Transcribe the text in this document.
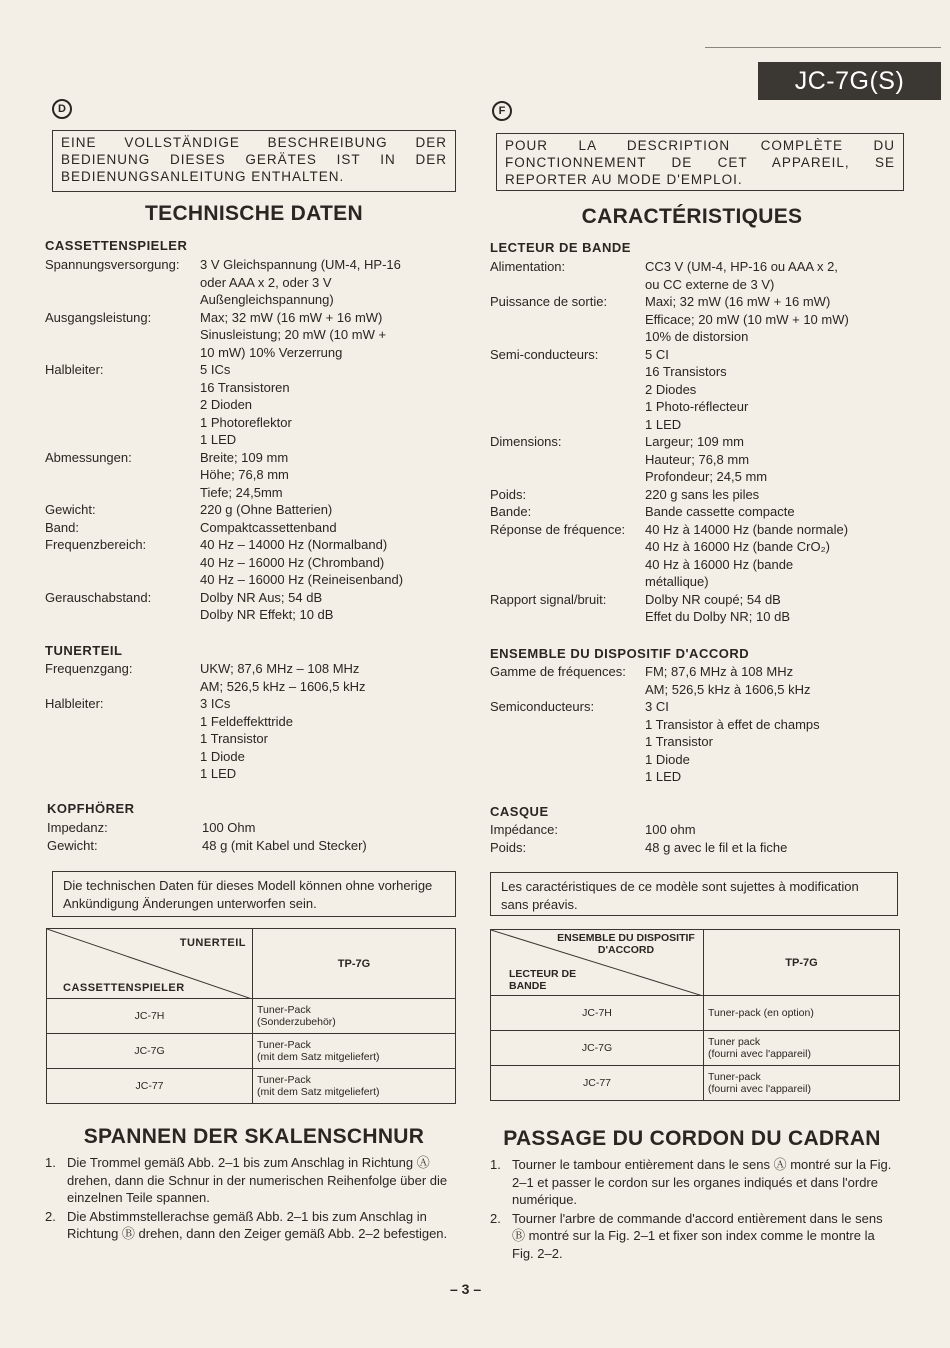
JC-7G(S)
D
EINE VOLLSTÄNDIGE BESCHREIBUNG DER BEDIENUNG DIESES GERÄTES IST IN DER BEDIENUNGSANLEITUNG ENTHALTEN.
TECHNISCHE DATEN
CASSETTENSPIELER
Spannungsversorgung:	3 V Gleichspannung (UM-4, HP-16
oder AAA x 2, oder 3 V
Außengleichspannung)
Ausgangsleistung:	Max; 32 mW (16 mW + 16 mW)
Sinusleistung; 20 mW (10 mW +
10 mW) 10% Verzerrung
Halbleiter:	5 ICs
16 Transistoren
2 Dioden
1 Photoreflektor
1 LED
Abmessungen:	Breite; 109 mm
Höhe; 76,8 mm
Tiefe; 24,5mm
Gewicht:	220 g (Ohne Batterien)
Band:	Compaktcassettenband
Frequenzbereich:	40 Hz – 14000 Hz (Normalband)
40 Hz – 16000 Hz (Chromband)
40 Hz – 16000 Hz (Reineisenband)
Gerauschabstand:	Dolby NR Aus; 54 dB
Dolby NR Effekt; 10 dB
TUNERTEIL
Frequenzgang:	UKW; 87,6 MHz – 108 MHz
AM; 526,5 kHz – 1606,5 kHz
Halbleiter:	3 ICs
1 Feldeffekttride
1 Transistor
1 Diode
1 LED
KOPFHÖRER
Impedanz:	100 Ohm
Gewicht:	48 g (mit Kabel und Stecker)
Die technischen Daten für dieses Modell können ohne vorherige Ankündigung Änderungen unterworfen sein.
TUNERTEIL
CASSETTENSPIELER	TP-7G
JC-7H	Tuner-Pack
(Sonderzubehör)

JC-7G	Tuner-Pack
(mit dem Satz mitgeliefert)

JC-77	Tuner-Pack
(mit dem Satz mitgeliefert)
SPANNEN DER SKALENSCHNUR
1. Die Trommel gemäß Abb. 2–1 bis zum Anschlag in Richtung Ⓐ drehen, dann die Schnur in der numerischen Reihenfolge über die einzelnen Teile spannen.
2. Die Abstimmstellerachse gemäß Abb. 2–1 bis zum Anschlag in Richtung Ⓑ drehen, dann den Zeiger gemäß Abb. 2–2 befestigen.
F
POUR LA DESCRIPTION COMPLÈTE DU FONCTIONNEMENT DE CET APPAREIL, SE REPORTER AU MODE D'EMPLOI.
CARACTÉRISTIQUES
LECTEUR DE BANDE
Alimentation:	CC3 V (UM-4, HP-16 ou AAA x 2,
ou CC externe de 3 V)
Puissance de sortie:	Maxi; 32 mW (16 mW + 16 mW)
Efficace; 20 mW (10 mW + 10 mW)
10% de distorsion
Semi-conducteurs:	5 CI
16 Transistors
2 Diodes
1 Photo-réflecteur
1 LED
Dimensions:	Largeur; 109 mm
Hauteur; 76,8 mm
Profondeur; 24,5 mm
Poids:	220 g sans les piles
Bande:	Bande cassette compacte
Réponse de fréquence:	40 Hz à 14000 Hz (bande normale)
40 Hz à 16000 Hz (bande CrO₂)
40 Hz à 16000 Hz (bande
métallique)
Rapport signal/bruit:	Dolby NR coupé; 54 dB
Effet du Dolby NR; 10 dB
ENSEMBLE DU DISPOSITIF D'ACCORD
Gamme de fréquences:	FM; 87,6 MHz à 108 MHz
AM; 526,5 kHz à 1606,5 kHz
Semiconducteurs:	3 CI
1 Transistor à effet de champs
1 Transistor
1 Diode
1 LED
CASQUE
Impédance:	100 ohm
Poids:	48 g avec le fil et la fiche
Les caractéristiques de ce modèle sont sujettes à modification sans préavis.
ENSEMBLE DU DISPOSITIF D'ACCORD
LECTEUR DE BANDE	TP-7G
JC-7H	Tuner-pack (en option)

JC-7G	Tuner pack
(fourni avec l'appareil)

JC-77	Tuner-pack
(fourni avec l'appareil)
PASSAGE DU CORDON DU CADRAN
1. Tourner le tambour entièrement dans le sens Ⓐ montré sur la Fig. 2–1 et passer le cordon sur les organes indiqués et dans l'ordre numérique.
2. Tourner l'arbre de commande d'accord entièrement dans le sens Ⓑ montré sur la Fig. 2–1 et fixer son index comme le montre la Fig. 2–2.
– 3 –
